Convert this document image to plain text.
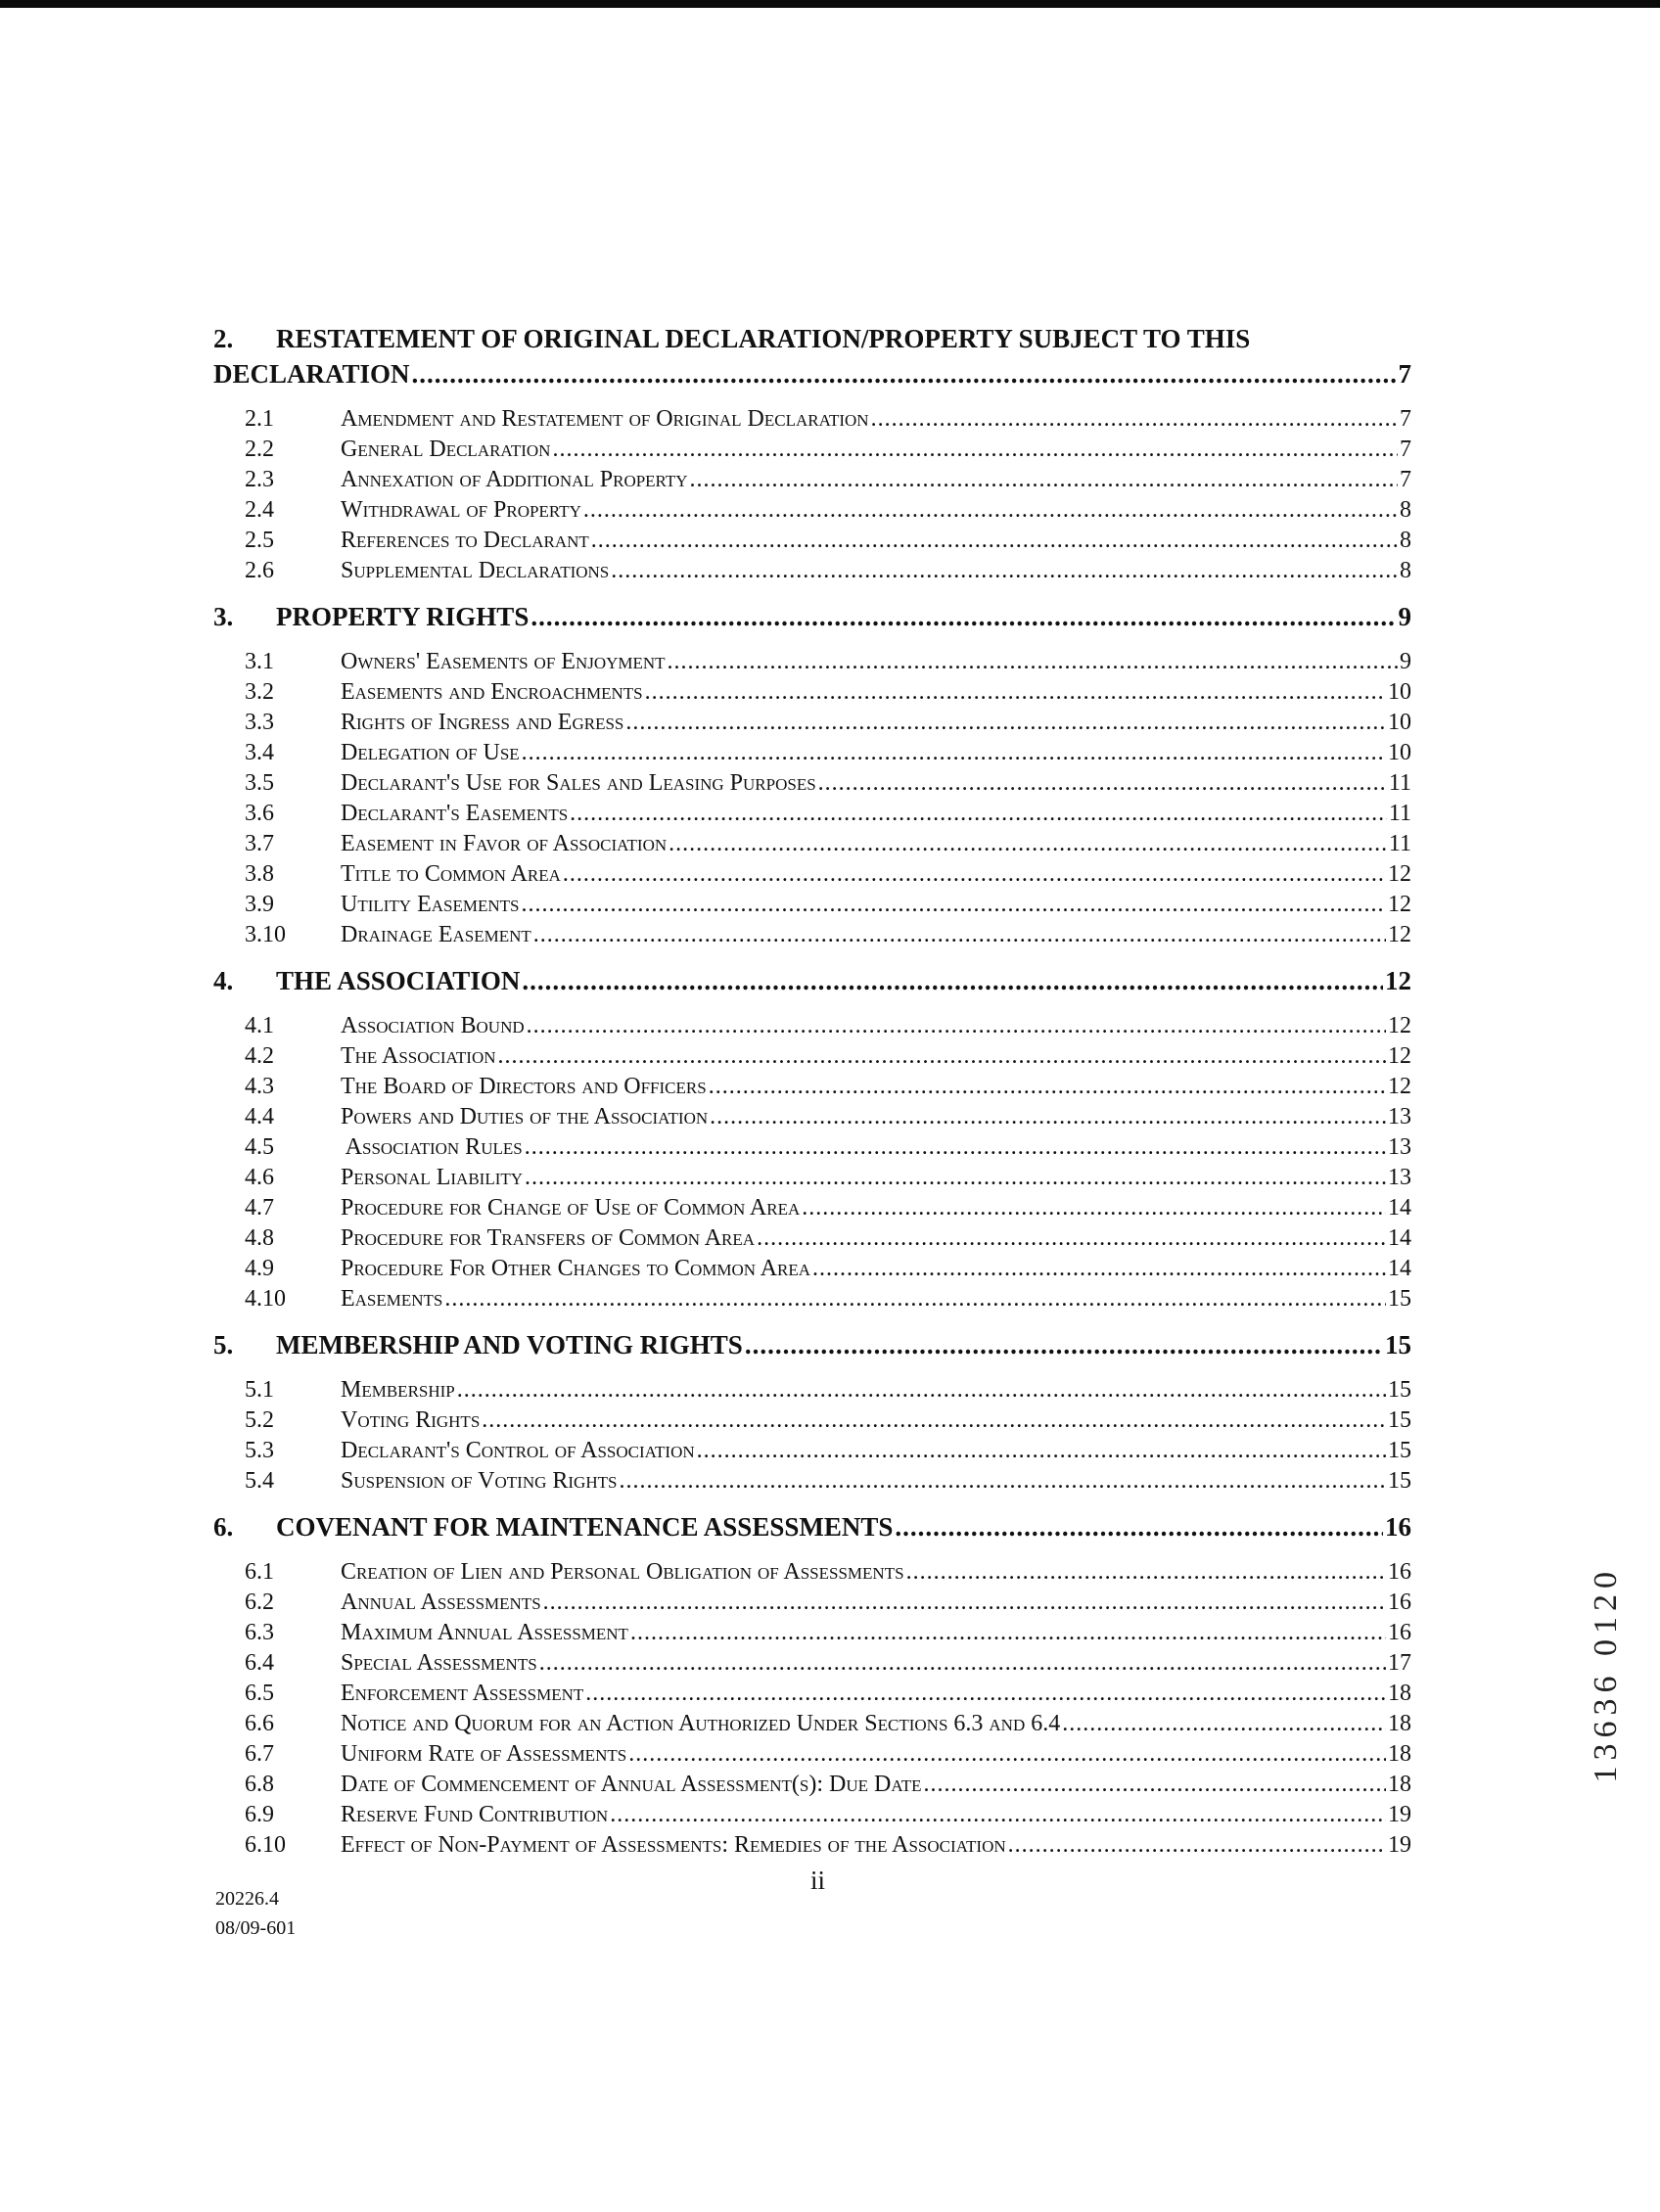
2. RESTATEMENT OF ORIGINAL DECLARATION/PROPERTY SUBJECT TO THIS
DECLARATION .....	7
2.1	Amendment and Restatement of Original Declaration .....	7
2.2	General Declaration .....	7
2.3	Annexation of Additional Property .....	7
2.4	Withdrawal of Property .....	8
2.5	References to Declarant .....	8
2.6	Supplemental Declarations .....	8
3.	PROPERTY RIGHTS .....	9
3.1	Owners' Easements of Enjoyment .....	9
3.2	Easements and Encroachments .....	10
3.3	Rights of Ingress and Egress .....	10
3.4	Delegation of Use .....	10
3.5	Declarant's Use for Sales and Leasing Purposes .....	11
3.6	Declarant's Easements .....	11
3.7	Easement in Favor of Association .....	11
3.8	Title to Common Area .....	12
3.9	Utility Easements .....	12
3.10	Drainage Easement .....	12
4.	THE ASSOCIATION .....	12
4.1	Association Bound .....	12
4.2	The Association .....	12
4.3	The Board of Directors and Officers .....	12
4.4	Powers and Duties of the Association .....	13
4.5	Association Rules .....	13
4.6	Personal Liability .....	13
4.7	Procedure for Change of Use of Common Area .....	14
4.8	Procedure for Transfers of Common Area .....	14
4.9	Procedure For Other Changes to Common Area .....	14
4.10	Easements .....	15
5.	MEMBERSHIP AND VOTING RIGHTS .....	15
5.1	Membership .....	15
5.2	Voting Rights .....	15
5.3	Declarant's Control of Association .....	15
5.4	Suspension of Voting Rights .....	15
6.	COVENANT FOR MAINTENANCE ASSESSMENTS .....	16
6.1	Creation of Lien and Personal Obligation of Assessments .....	16
6.2	Annual Assessments .....	16
6.3	Maximum Annual Assessment .....	16
6.4	Special Assessments .....	17
6.5	Enforcement Assessment .....	18
6.6	Notice and Quorum for an Action Authorized Under Sections 6.3 and 6.4 .....	18
6.7	Uniform Rate of Assessments .....	18
6.8	Date of Commencement of Annual Assessment(s): Due Date .....	18
6.9	Reserve Fund Contribution .....	19
6.10	Effect of Non-Payment of Assessments: Remedies of the Association .....	19
ii
20226.4
08/09-601
13636 0120
